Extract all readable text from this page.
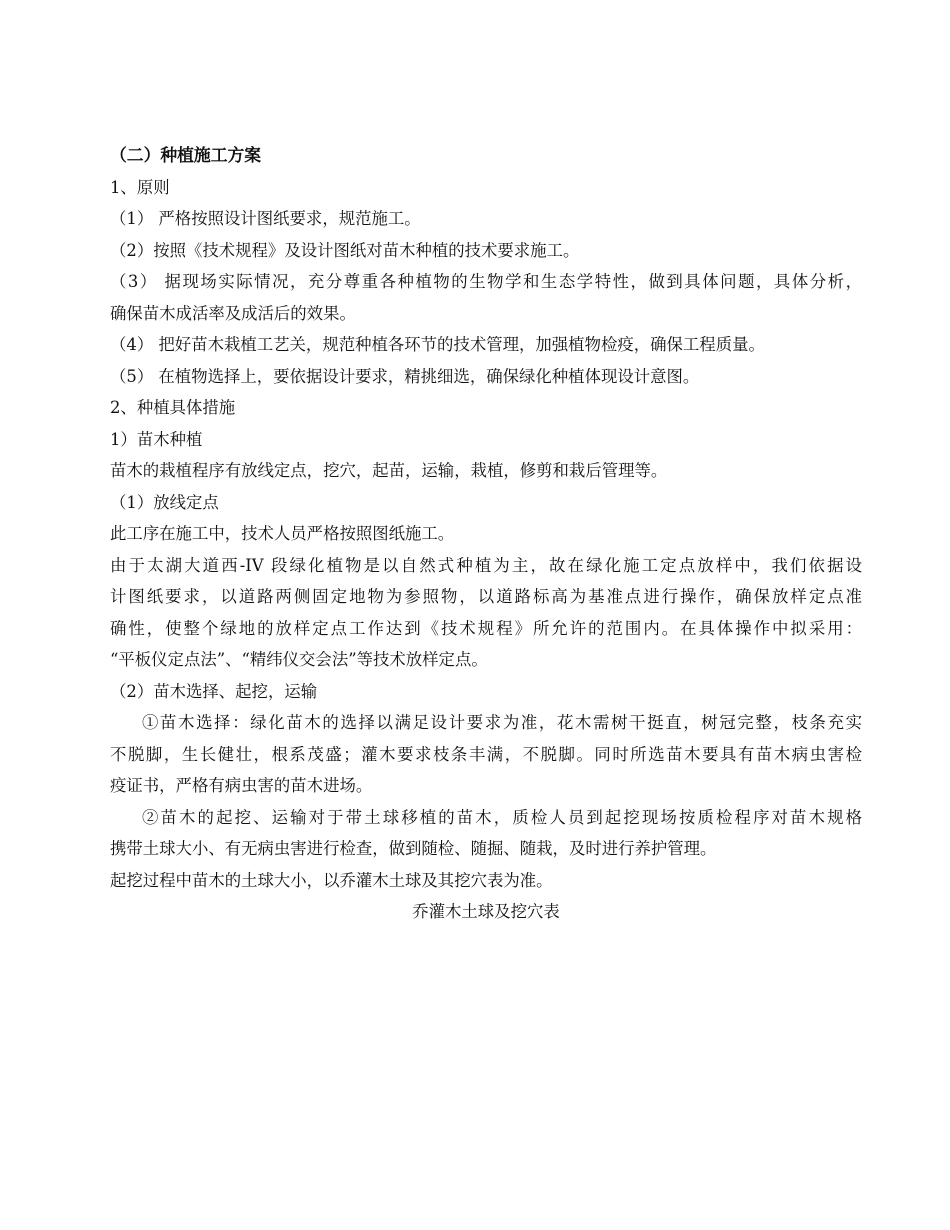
（二）种植施工方案
1、原则
（1） 严格按照设计图纸要求，规范施工。
（2）按照《技术规程》及设计图纸对苗木种植的技术要求施工。
（3） 据现场实际情况，充分尊重各种植物的生物学和生态学特性，做到具体问题，具体分析，
确保苗木成活率及成活后的效果。
（4） 把好苗木栽植工艺关，规范种植各环节的技术管理，加强植物检疫，确保工程质量。
（5） 在植物选择上，要依据设计要求，精挑细选，确保绿化种植体现设计意图。
2、种植具体措施
1）苗木种植
苗木的栽植程序有放线定点，挖穴，起苗，运输，栽植，修剪和栽后管理等。
（1）放线定点
此工序在施工中，技术人员严格按照图纸施工。
由于太湖大道西-IV 段绿化植物是以自然式种植为主，故在绿化施工定点放样中，我们依据设
计图纸要求，以道路两侧固定地物为参照物，以道路标高为基准点进行操作，确保放样定点准
确性，使整个绿地的放样定点工作达到《技术规程》所允许的范围内。在具体操作中拟采用：
“平板仪定点法”、“精纬仪交会法”等技术放样定点。
（2）苗木选择、起挖，运输
①苗木选择：绿化苗木的选择以满足设计要求为准，花木需树干挺直，树冠完整，枝条充实
不脱脚，生长健壮，根系茂盛；灌木要求枝条丰满，不脱脚。同时所选苗木要具有苗木病虫害检
疫证书，严格有病虫害的苗木进场。
②苗木的起挖、运输对于带土球移植的苗木，质检人员到起挖现场按质检程序对苗木规格
携带土球大小、有无病虫害进行检查，做到随检、随掘、随栽，及时进行养护管理。
起挖过程中苗木的土球大小，以乔灌木土球及其挖穴表为准。
乔灌木土球及挖穴表
